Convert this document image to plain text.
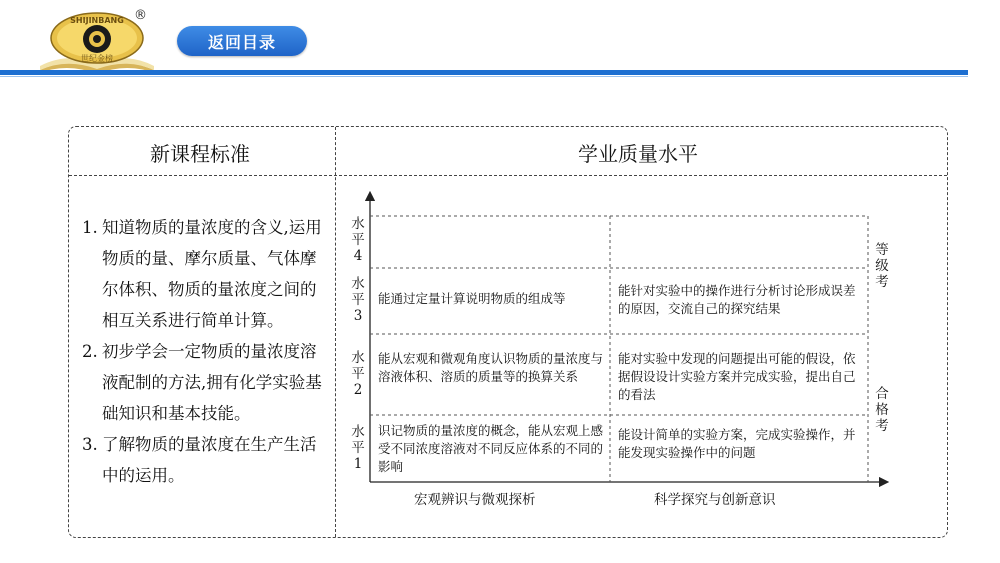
SHIJINBANG
世纪金榜
®
返回目录
新课程标准	学业质量水平
1. 知道物质的量浓度的含义,运用物质的量、摩尔质量、气体摩尔体积、物质的量浓度之间的相互关系进行简单计算。
2. 初步学会一定物质的量浓度溶液配制的方法,拥有化学实验基础知识和基本技能。
3. 了解物质的量浓度在生产生活中的运用。
水
平
4
水
平
3
水
平
2
水
平
1
能通过定量计算说明物质的组成等
能针对实验中的操作进行分析讨论形成误差的原因，交流自己的探究结果
能从宏观和微观角度认识物质的量浓度与溶液体积、溶质的质量等的换算关系
能对实验中发现的问题提出可能的假设，依据假设设计实验方案并完成实验，提出自己的看法
识记物质的量浓度的概念，能从宏观上感受不同浓度溶液对不同反应体系的不同的影响
能设计简单的实验方案，完成实验操作，并能发现实验操作中的问题
等
级
考
合
格
考
宏观辨识与微观探析	科学探究与创新意识
